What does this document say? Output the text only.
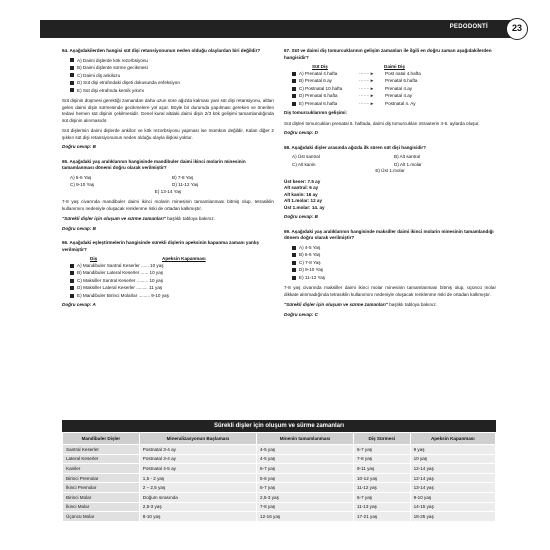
PEDODONTİ	23
64. Aşağıdakilerden hangisi süt dişi retansiyonunun neden olduğu olaylardan biri değildir?
A) Daimi dişlerde kök rezorbsiyonu
B) Daimi dişlerde sürme gecikmesi
C) Daimi diş ankilozu
D) Süt dişi etrafındaki dişeti dokusunda enfeksiyon
E) Süt dişi etrafında kemik yıkımı
Süt dişinin düşmesi gerektiği zamandan daha uzun süre ağızda kalması yani süt dişi retansiyonu, altları gelen daimi dişin sürmesinde gecikmelere yol açar. Böyle bir durumda yapılması gereken ve önerilen tedavi hemen süt dişinin çekilmesidir. Genel kural altdaki daimi dişin 2/3 kök gelişimi tamamlandığında süt dişinin alınmasıdır.
Süt dişlerinin daimi dişlerde ankiloz ve kök rezorbsiyonu yapması ise mümkün değildir. Kalan diğer 2 şıkkın süt dişi retansiyonunun neden olduğu olayla ilişkisi yoktur.
Doğru cevap: B
65. Aşağıdaki yaş aralıklarının hangisinde mandibuler daimi ikinci molarin minesinin tamamlanması dönemi doğru olarak verilmiştir?
A) 5-6 Yaş	B) 7-8 Yaş
C) 9-10 Yaş	D) 11-12 Yaş
E) 13-14 Yaş
7-8 yaş civarında mandibuler daimi ikinci molarin minesinin tamamlanması bitmiş olup, tetrasiklin kullanımını nedeniyle oluşacak renklenme riski de ortadan kalkmıştır.
"Sürekli dişler için oluşum ve sürme zamanları" başlıklı tabloya bakınız.
Doğru cevap: B
66. Aşağıdaki eşleştirmelerin hangisinde sürekli dişlerin apeksinin kapanma zamanı yanlış verilmiştir?
Diş	Apeksin Kapanması
A) Mandibuler Santral Keserler ...... 10 yaş
B) Mandibuler Lateral Keserler ...... 10 yaş
C) Maksiller Santral Keserler ......... 10 yaş
D) Maksiller Lateral Keserler ......... 11 yaş
E) Mandibuler Birinci Molarlar ......... 9-10 yaş
Doğru cevap: A
67. Süt ve daimi diş tomurcuklarının gelişim zamanları ile ilgili en doğru zaman aşağıdakilerden hangisidir?
Süt Diş	Daimi Diş
A) Prenatal 4.hafta	·······►	Post natal 4.hafta
B) Prenatal 6.ay	·······►	Prenatal 6.hafta
C) Postnatal 10.hafta	·······►	Prenatal 4.ay
D) Prenatal 6.hafta	·······►	Prenatal 4.ay
E) Prenatal 6.hafta	·······►	Postnatal 4. Ay
Diş tomurcuklarının gelişimi:
Süt dişleri tomurcukları prenatal 6. haftada, daimi diş tomurcukları intrauterin 4-5. aylarda oluşur.
Doğru cevap: D
68. Aşağıdaki dişler arasında ağızda ilk süren süt dişi hangisidir?
A) Üst santral	B) Alt santral
C) Alt kanin	D) Alt 1.molar
E) Üst 1.molar
Üst keser: 7.5 ay
Alt santral: 6 ay
Alt kanin: 16 ay
Alt 1.molar: 12 ay
Üst 1.molar: 14. ay
Doğru cevap: B
69. Aşağıdaki yaş aralıklarının hangisinde maksiller daimi ikinci molarin minesinin tamamlandığı dönem doğru olarak verilmiştir?
A) 4-5 Yaş
B) 5-6 Yaş
C) 7-8 Yaş
D) 9-10 Yaş
E) 11-12 Yaş
7-8 yaş civarında maksiller daimi ikinci molar minesinin tamamlanması bitmiş olup, üçüncü molar dikkate alınmadığında tetrasiklin kullanımını nedeniyle oluşacak renklenme riski de ortadan kalkmıştır.
"Sürekli dişler için oluşum ve sürme zamanları" başlıklı tabloya bakınız.
Doğru cevap: C
Sürekli dişler için oluşum ve sürme zamanları
Mandibuler Dişler	Mineralizasyonun Başlaması	Minenin tamamlanması	Diş Sürmesi	Apeksin Kapanması
Santral Keserler	Postnatal 3-4 ay	4-5 yaş	6-7 yaş	9 yaş
Lateral Keserler	Postnatal 3-4 ay	4-5 yaş	7-8 yaş	10 yaş
Kaniler	Postnatal 4-5 ay	6-7 yaş	9-11 yaş	12-14 yaş
Birinci Premolar	1,5 - 2 yaş	5-6 yaş	10-12 yaş	12-14 yaş
İkinci Premolar	2 – 2,5 yaş	6-7 yaş	11-12 yaş	13-14 yaş
Birinci Molar	Doğum sırasında	2,5-3 yaş	6-7 yaş	9-10 yaş
İkinci Molar	2,5-3 yaş	7-8 yaş	11-13 yaş	14-15 yaş
Üçüncü Molar	8-10 yaş	12-16 yaş	17-21 yaş	18-25 yaş
